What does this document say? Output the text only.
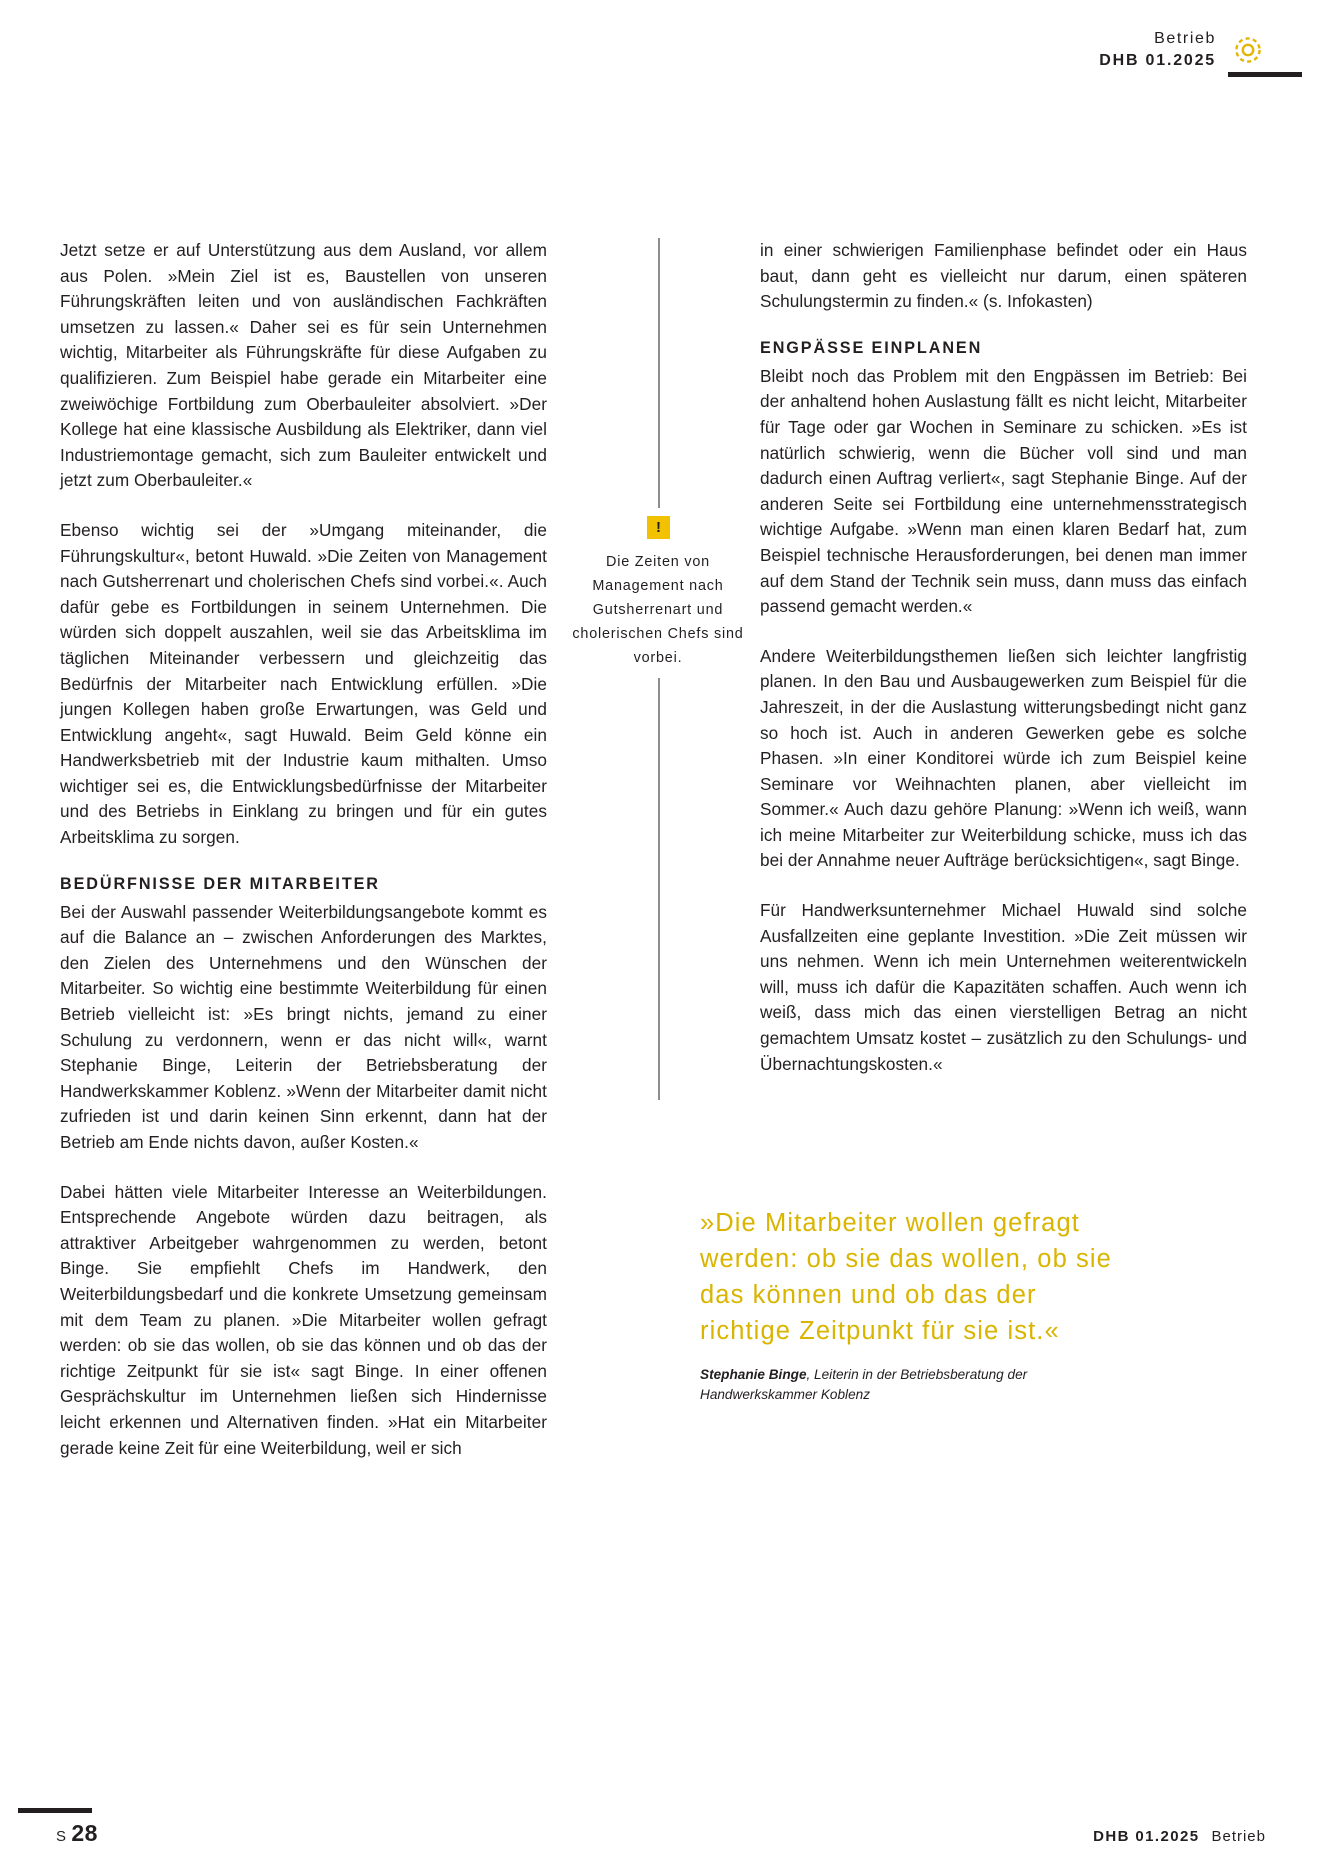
Betrieb
DHB 01.2025

Jetzt setze er auf Unterstützung aus dem Ausland, vor allem aus Polen. »Mein Ziel ist es, Baustellen von unseren Führungskräften leiten und von ausländischen Fachkräften umsetzen zu lassen.« Daher sei es für sein Unternehmen wichtig, Mitarbeiter als Führungskräfte für diese Aufgaben zu qualifizieren. Zum Beispiel habe gerade ein Mitarbeiter eine zweiwöchige Fortbildung zum Oberbauleiter absolviert. »Der Kollege hat eine klassische Ausbildung als Elektriker, dann viel Industriemontage gemacht, sich zum Bauleiter entwickelt und jetzt zum Oberbauleiter.«

Ebenso wichtig sei der »Umgang miteinander, die Führungskultur«, betont Huwald. »Die Zeiten von Management nach Gutsherrenart und cholerischen Chefs sind vorbei.«. Auch dafür gebe es Fortbildungen in seinem Unternehmen. Die würden sich doppelt auszahlen, weil sie das Arbeitsklima im täglichen Miteinander verbessern und gleichzeitig das Bedürfnis der Mitarbeiter nach Entwicklung erfüllen. »Die jungen Kollegen haben große Erwartungen, was Geld und Entwicklung angeht«, sagt Huwald. Beim Geld könne ein Handwerksbetrieb mit der Industrie kaum mithalten. Umso wichtiger sei es, die Entwicklungsbedürfnisse der Mitarbeiter und des Betriebs in Einklang zu bringen und für ein gutes Arbeitsklima zu sorgen.

BEDÜRFNISSE DER MITARBEITER

Bei der Auswahl passender Weiterbildungsangebote kommt es auf die Balance an – zwischen Anforderungen des Marktes, den Zielen des Unternehmens und den Wünschen der Mitarbeiter. So wichtig eine bestimmte Weiterbildung für einen Betrieb vielleicht ist: »Es bringt nichts, jemand zu einer Schulung zu verdonnern, wenn er das nicht will«, warnt Stephanie Binge, Leiterin der Betriebsberatung der Handwerkskammer Koblenz. »Wenn der Mitarbeiter damit nicht zufrieden ist und darin keinen Sinn erkennt, dann hat der Betrieb am Ende nichts davon, außer Kosten.«

Dabei hätten viele Mitarbeiter Interesse an Weiterbildungen. Entsprechende Angebote würden dazu beitragen, als attraktiver Arbeitgeber wahrgenommen zu werden, betont Binge. Sie empfiehlt Chefs im Handwerk, den Weiterbildungsbedarf und die konkrete Umsetzung gemeinsam mit dem Team zu planen. »Die Mitarbeiter wollen gefragt werden: ob sie das wollen, ob sie das können und ob das der richtige Zeitpunkt für sie ist« sagt Binge. In einer offenen Gesprächskultur im Unternehmen ließen sich Hindernisse leicht erkennen und Alternativen finden. »Hat ein Mitarbeiter gerade keine Zeit für eine Weiterbildung, weil er sich

!
Die Zeiten von Management nach Gutsherrenart und cholerischen Chefs sind vorbei.

in einer schwierigen Familienphase befindet oder ein Haus baut, dann geht es vielleicht nur darum, einen späteren Schulungstermin zu finden.« (s. Infokasten)

ENGPÄSSE EINPLANEN

Bleibt noch das Problem mit den Engpässen im Betrieb: Bei der anhaltend hohen Auslastung fällt es nicht leicht, Mitarbeiter für Tage oder gar Wochen in Seminare zu schicken. »Es ist natürlich schwierig, wenn die Bücher voll sind und man dadurch einen Auftrag verliert«, sagt Stephanie Binge. Auf der anderen Seite sei Fortbildung eine unternehmensstrategisch wichtige Aufgabe. »Wenn man einen klaren Bedarf hat, zum Beispiel technische Herausforderungen, bei denen man immer auf dem Stand der Technik sein muss, dann muss das einfach passend gemacht werden.«

Andere Weiterbildungsthemen ließen sich leichter langfristig planen. In den Bau und Ausbaugewerken zum Beispiel für die Jahreszeit, in der die Auslastung witterungsbedingt nicht ganz so hoch ist. Auch in anderen Gewerken gebe es solche Phasen. »In einer Konditorei würde ich zum Beispiel keine Seminare vor Weihnachten planen, aber vielleicht im Sommer.« Auch dazu gehöre Planung: »Wenn ich weiß, wann ich meine Mitarbeiter zur Weiterbildung schicke, muss ich das bei der Annahme neuer Aufträge berücksichtigen«, sagt Binge.

Für Handwerksunternehmer Michael Huwald sind solche Ausfallzeiten eine geplante Investition. »Die Zeit müssen wir uns nehmen. Wenn ich mein Unternehmen weiterentwickeln will, muss ich dafür die Kapazitäten schaffen. Auch wenn ich weiß, dass mich das einen vierstelligen Betrag an nicht gemachtem Umsatz kostet – zusätzlich zu den Schulungs- und Übernachtungskosten.«

»Die Mitarbeiter wollen gefragt werden: ob sie das wollen, ob sie das können und ob das der richtige Zeitpunkt für sie ist.«
Stephanie Binge, Leiterin in der Betriebsberatung der Handwerkskammer Koblenz
S 28	DHB 01.2025 Betrieb
